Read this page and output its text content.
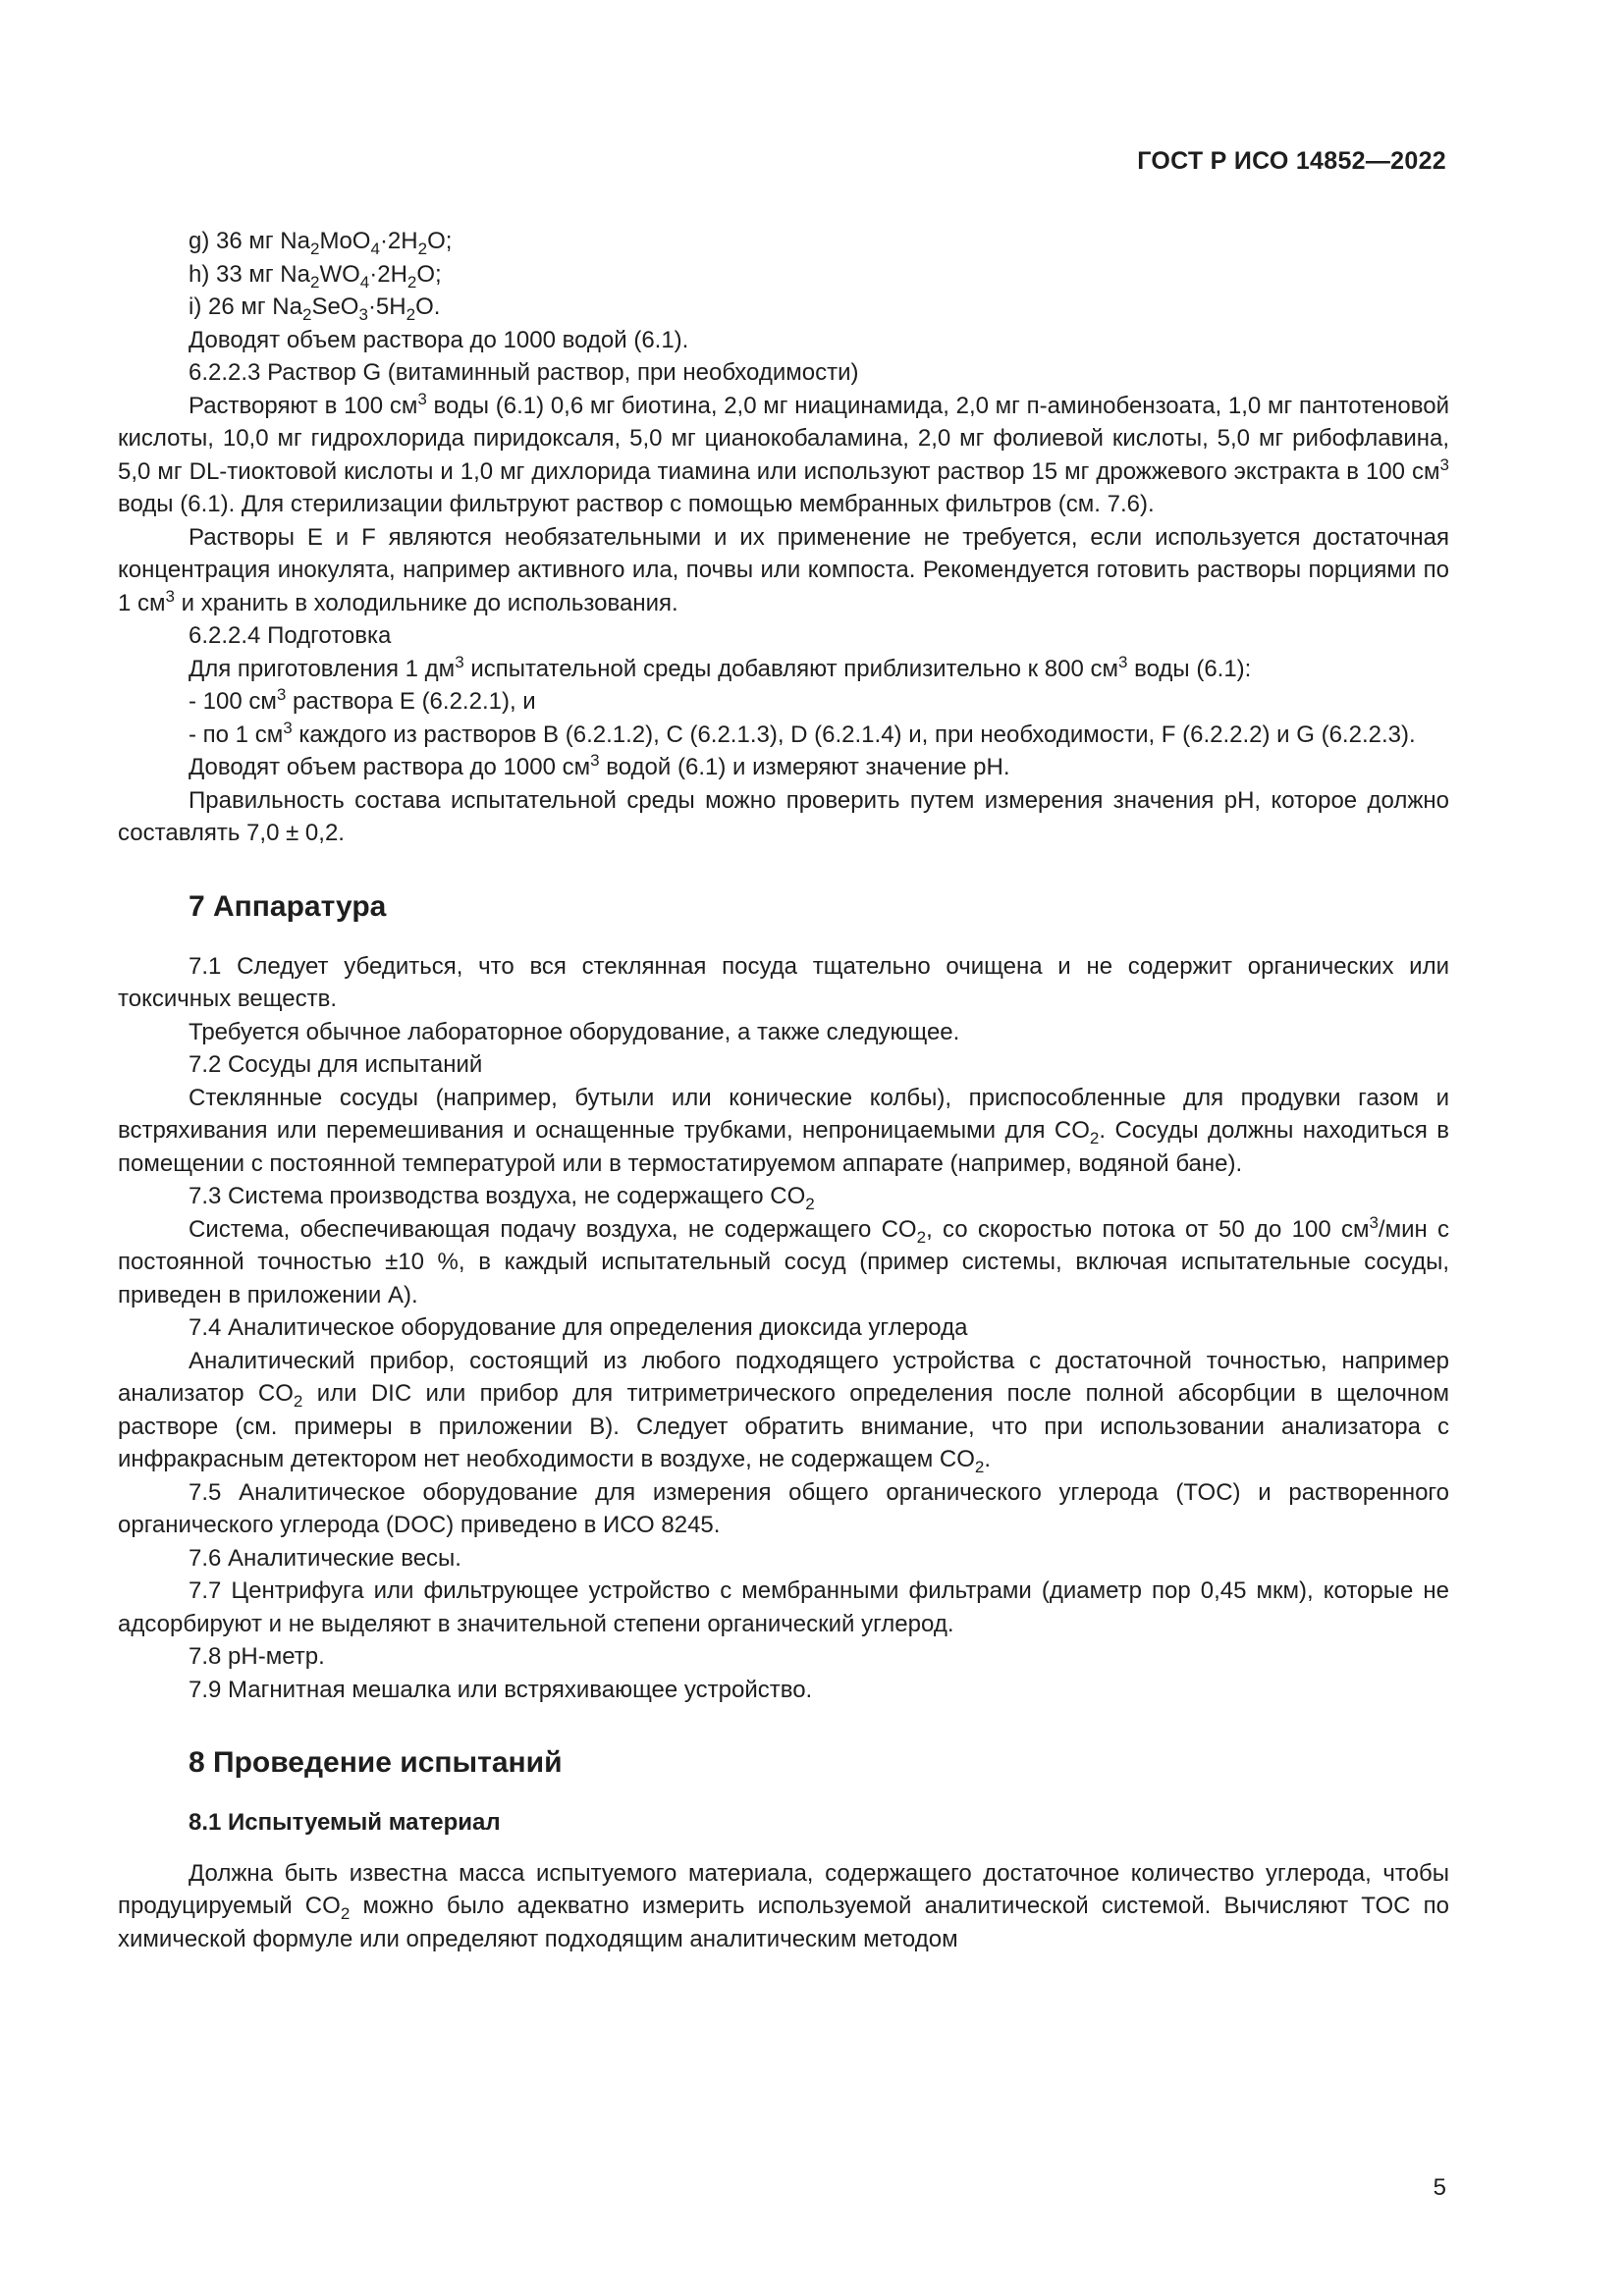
ГОСТ Р ИСО 14852—2022

g) 36 мг $Na_2MoO_4\cdot 2H_2O$;

h) 33 мг $Na_2WO_4\cdot 2H_2O$;

i) 26 мг $Na_2SeO_3\cdot 5H_2O$.

Доводят объем раствора до 1000 водой (6.1).

6.2.2.3 Раствор G (витаминный раствор, при необходимости)

Растворяют в 100 $см^3$ воды (6.1) 0,6 мг биотина, 2,0 мг ниацинамида, 2,0 мг п-аминобензоата, 1,0 мг пантотеновой кислоты, 10,0 мг гидрохлорида пиридоксаля, 5,0 мг цианокобаламина, 2,0 мг фолиевой кислоты, 5,0 мг рибофлавина, 5,0 мг DL-тиоктовой кислоты и 1,0 мг дихлорида тиамина или используют раствор 15 мг дрожжевого экстракта в 100 $см^3$ воды (6.1). Для стерилизации фильтруют раствор с помощью мембранных фильтров (см. 7.6).

Растворы E и F являются необязательными и их применение не требуется, если используется достаточная концентрация инокулята, например активного ила, почвы или компоста. Рекомендуется готовить растворы порциями по 1 $см^3$ и хранить в холодильнике до использования.

6.2.2.4 Подготовка

Для приготовления 1 $дм^3$ испытательной среды добавляют приблизительно к 800 $см^3$ воды (6.1):

- 100 $см^3$ раствора E (6.2.2.1), и

- по 1 $см^3$ каждого из растворов B (6.2.1.2), C (6.2.1.3), D (6.2.1.4) и, при необходимости, F (6.2.2.2) и G (6.2.2.3).

Доводят объем раствора до 1000 $см^3$ водой (6.1) и измеряют значение pH.

Правильность состава испытательной среды можно проверить путем измерения значения pH, которое должно составлять 7,0 ± 0,2.

7 Аппаратура

7.1 Следует убедиться, что вся стеклянная посуда тщательно очищена и не содержит органических или токсичных веществ.

Требуется обычное лабораторное оборудование, а также следующее.

7.2 Сосуды для испытаний

Стеклянные сосуды (например, бутыли или конические колбы), приспособленные для продувки газом и встряхивания или перемешивания и оснащенные трубками, непроницаемыми для $CO_2$. Сосуды должны находиться в помещении с постоянной температурой или в термостатируемом аппарате (например, водяной бане).

7.3 Система производства воздуха, не содержащего $CO_2$

Система, обеспечивающая подачу воздуха, не содержащего $CO_2$, со скоростью потока от 50 до 100 $см^3$/мин с постоянной точностью ±10 %, в каждый испытательный сосуд (пример системы, включая испытательные сосуды, приведен в приложении A).

7.4 Аналитическое оборудование для определения диоксида углерода

Аналитический прибор, состоящий из любого подходящего устройства с достаточной точностью, например анализатор $CO_2$ или DIC или прибор для титриметрического определения после полной абсорбции в щелочном растворе (см. примеры в приложении B). Следует обратить внимание, что при использовании анализатора с инфракрасным детектором нет необходимости в воздухе, не содержащем $CO_2$.

7.5 Аналитическое оборудование для измерения общего органического углерода (TOC) и растворенного органического углерода (DOC) приведено в ИСО 8245.

7.6 Аналитические весы.

7.7 Центрифуга или фильтрующее устройство с мембранными фильтрами (диаметр пор 0,45 мкм), которые не адсорбируют и не выделяют в значительной степени органический углерод.

7.8 pH-метр.

7.9 Магнитная мешалка или встряхивающее устройство.

8 Проведение испытаний
8.1 Испытуемый материал

Должна быть известна масса испытуемого материала, содержащего достаточное количество углерода, чтобы продуцируемый $CO_2$ можно было адекватно измерить используемой аналитической системой. Вычисляют TOC по химической формуле или определяют подходящим аналитическим методом

5
